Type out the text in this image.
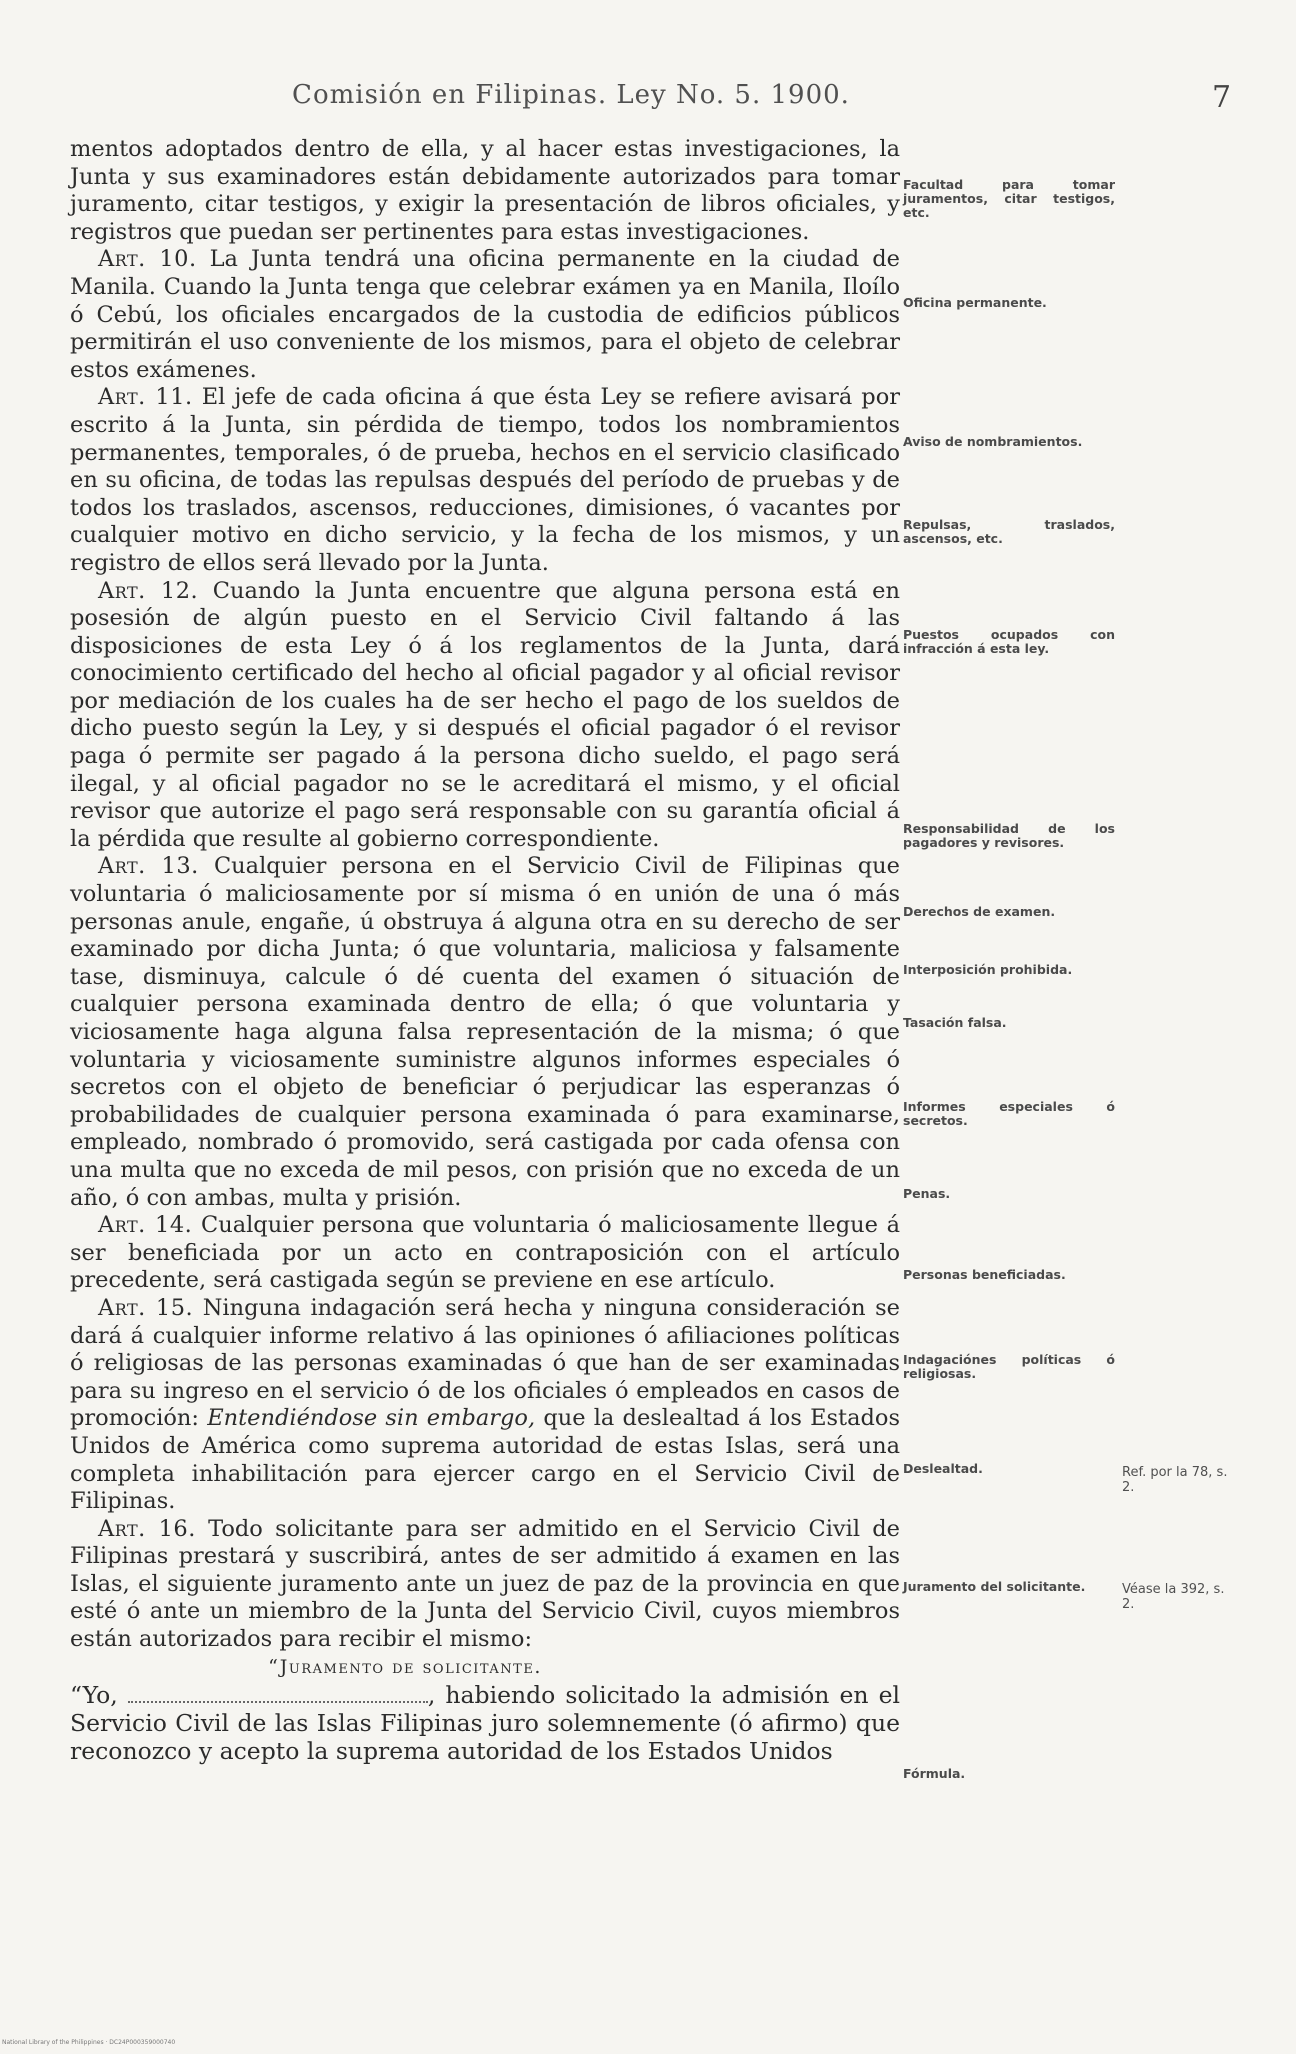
Comisión en Filipinas. Ley No. 5. 1900.	7

mentos adoptados dentro de ella, y al hacer estas investigaciones, la Junta y sus examinadores están debidamente autorizados para tomar juramento, citar testigos, y exigir la presentación de libros oficiales, y registros que puedan ser pertinentes para estas investigaciones.

Art. 10. La Junta tendrá una oficina permanente en la ciudad de Manila. Cuando la Junta tenga que celebrar exámen ya en Manila, Iloílo ó Cebú, los oficiales encargados de la custodia de edificios públicos permitirán el uso conveniente de los mismos, para el objeto de celebrar estos exámenes.

Art. 11. El jefe de cada oficina á que ésta Ley se refiere avisará por escrito á la Junta, sin pérdida de tiempo, todos los nombramientos permanentes, temporales, ó de prueba, hechos en el servicio clasificado en su oficina, de todas las repulsas después del período de pruebas y de todos los traslados, ascensos, reducciones, dimisiones, ó vacantes por cualquier motivo en dicho servicio, y la fecha de los mismos, y un registro de ellos será llevado por la Junta.

Art. 12. Cuando la Junta encuentre que alguna persona está en posesión de algún puesto en el Servicio Civil faltando á las disposiciones de esta Ley ó á los reglamentos de la Junta, dará conocimiento certificado del hecho al oficial pagador y al oficial revisor por mediación de los cuales ha de ser hecho el pago de los sueldos de dicho puesto según la Ley, y si después el oficial pagador ó el revisor paga ó permite ser pagado á la persona dicho sueldo, el pago será ilegal, y al oficial pagador no se le acreditará el mismo, y el oficial revisor que autorize el pago será responsable con su garantía oficial á la pérdida que resulte al gobierno correspondiente.

Art. 13. Cualquier persona en el Servicio Civil de Filipinas que voluntaria ó maliciosamente por sí misma ó en unión de una ó más personas anule, engañe, ú obstruya á alguna otra en su derecho de ser examinado por dicha Junta; ó que voluntaria, maliciosa y falsamente tase, disminuya, calcule ó dé cuenta del examen ó situación de cualquier persona examinada dentro de ella; ó que voluntaria y viciosamente haga alguna falsa representación de la misma; ó que voluntaria y viciosamente suministre algunos informes especiales ó secretos con el objeto de beneficiar ó perjudicar las esperanzas ó probabilidades de cualquier persona examinada ó para examinarse, empleado, nombrado ó promovido, será castigada por cada ofensa con una multa que no exceda de mil pesos, con prisión que no exceda de un año, ó con ambas, multa y prisión.

Art. 14. Cualquier persona que voluntaria ó maliciosamente llegue á ser beneficiada por un acto en contraposición con el artículo precedente, será castigada según se previene en ese artículo.

Art. 15. Ninguna indagación será hecha y ninguna consideración se dará á cualquier informe relativo á las opiniones ó afiliaciones políticas ó religiosas de las personas examinadas ó que han de ser examinadas para su ingreso en el servicio ó de los oficiales ó empleados en casos de promoción: Entendiéndose sin embargo, que la deslealtad á los Estados Unidos de América como suprema autoridad de estas Islas, será una completa inhabilitación para ejercer cargo en el Servicio Civil de Filipinas.

Art. 16. Todo solicitante para ser admitido en el Servicio Civil de Filipinas prestará y suscribirá, antes de ser admitido á examen en las Islas, el siguiente juramento ante un juez de paz de la provincia en que esté ó ante un miembro de la Junta del Servicio Civil, cuyos miembros están autorizados para recibir el mismo:

“Juramento de solicitante.

“Yo,	, habiendo solicitado la admisión en el Servicio Civil de las Islas Filipinas juro solemnemente (ó afirmo) que reconozco y acepto la suprema autoridad de los Estados Unidos

Facultad para tomar juramentos, citar testigos, etc.
Oficina permanente.
Aviso de nombramientos.
Repulsas, traslados, ascensos, etc.
Puestos ocupados con infracción á esta ley.
Responsabilidad de los pagadores y revisores.
Derechos de examen.
Interposición prohibida.
Tasación falsa.
Informes especiales ó secretos.
Penas.
Personas beneficiadas.
Indagaciónes políticas ó religiosas.
Deslealtad.
Juramento del solicitante.
Fórmula.
Ref. por la 78, s. 2.
Véase la 392, s. 2.
National Library of the Philippines · DC24P000359000740
